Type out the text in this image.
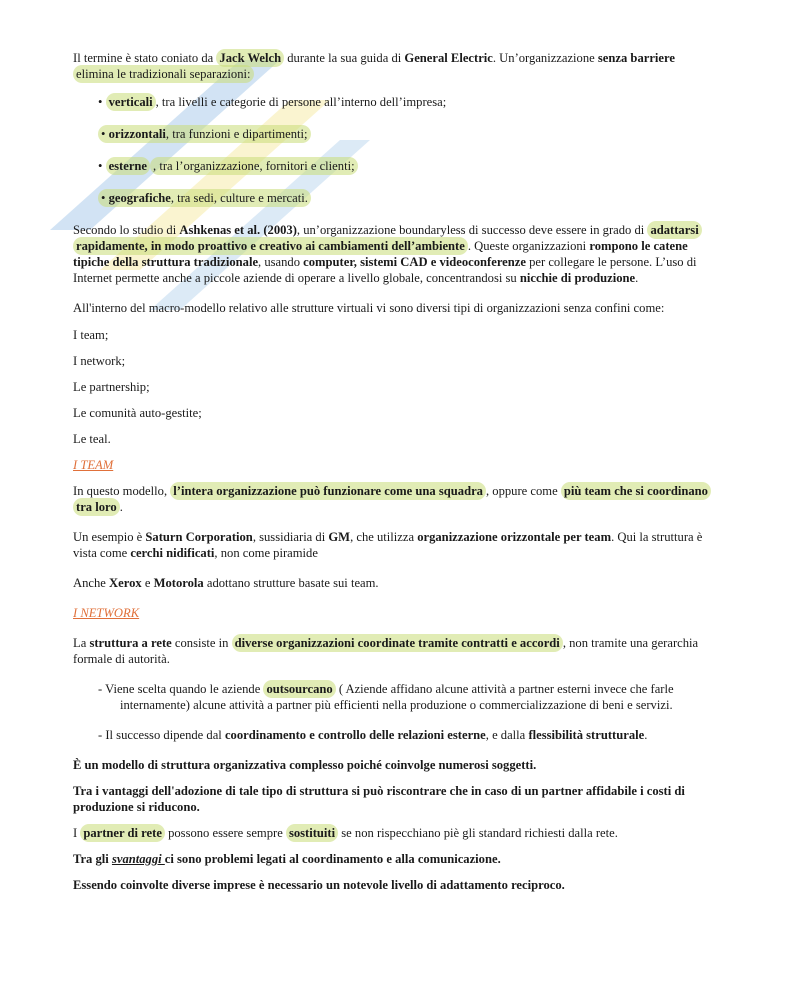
Il termine è stato coniato da Jack Welch durante la sua guida di General Electric. Un’organizzazione senza barriere
elimina le tradizionali separazioni:

• verticali , tra livelli e categorie di persone all’interno dell’impresa;

• orizzontali, tra funzioni e dipartimenti;

• esterne , tra l’organizzazione, fornitori e clienti;

• geografiche, tra sedi, culture e mercati.

Secondo lo studio di Ashkenas et al. (2003), un’organizzazione boundaryless di successo deve essere in grado di adattarsi rapidamente, in modo proattivo e creativo ai cambiamenti dell’ambiente . Queste organizzazioni rompono le catene tipiche della struttura tradizionale, usando computer, sistemi CAD e videoconferenze per collegare le persone. L’uso di Internet permette anche a piccole aziende di operare a livello globale, concentrandosi su nicchie di produzione.

All'interno del macro-modello relativo alle strutture virtuali vi sono diversi tipi di organizzazioni senza confini come:

I team;

I network;

Le partnership;

Le comunità auto-gestite;

Le teal.

I TEAM

In questo modello, l’intera organizzazione può funzionare come una squadra , oppure come più team che si coordinano tra loro .

Un esempio è Saturn Corporation, sussidiaria di GM, che utilizza organizzazione orizzontale per team. Qui la struttura è vista come cerchi nidificati, non come piramide

Anche Xerox e Motorola adottano strutture basate sui team.

I NETWORK

La struttura a rete consiste in diverse organizzazioni coordinate tramite contratti e accordi , non tramite una gerarchia formale di autorità.

- Viene scelta quando le aziende outsourcano ( Aziende affidano alcune attività a partner esterni invece che farle
internamente) alcune attività a partner più efficienti nella produzione o commercializzazione di beni e servizi.

- Il successo dipende dal coordinamento e controllo delle relazioni esterne, e dalla flessibilità strutturale.

È un modello di struttura organizzativa complesso poiché coinvolge numerosi soggetti.

Tra i vantaggi dell'adozione di tale tipo di struttura si può riscontrare che in caso di un partner affidabile i costi di produzione si riducono.

I partner di rete possono essere sempre sostituiti se non rispecchiano piè gli standard richiesti dalla rete.

Tra gli svantaggi ci sono problemi legati al coordinamento e alla comunicazione.

Essendo coinvolte diverse imprese è necessario un notevole livello di adattamento reciproco.
